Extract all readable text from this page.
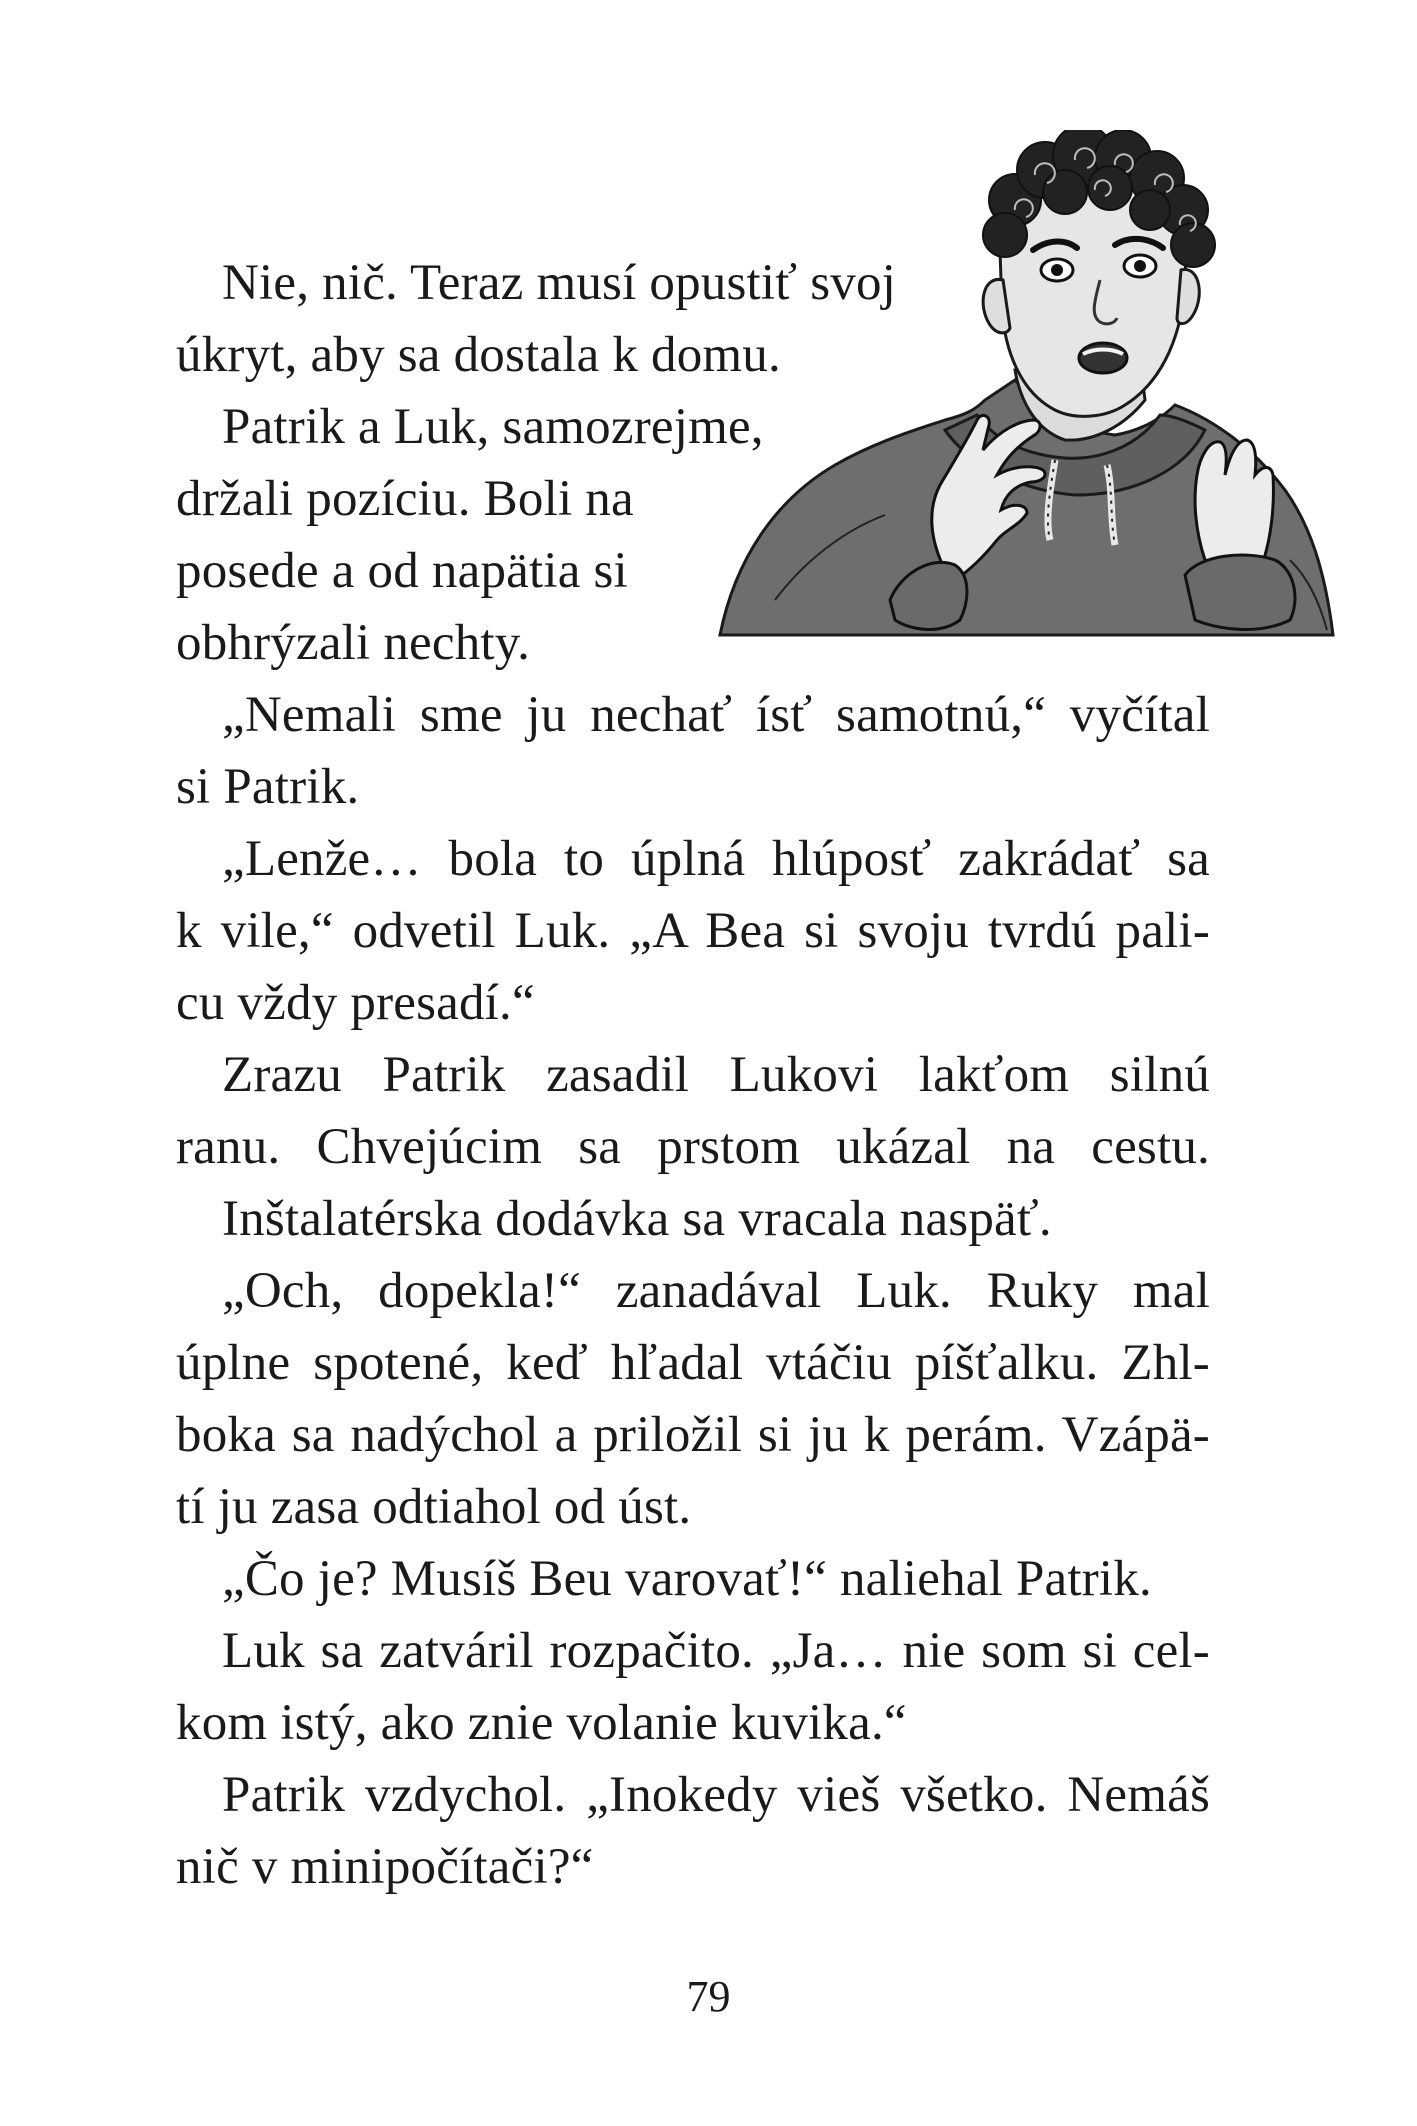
Nie, nič. Teraz musí opustiť svoj
úkryt, aby sa dostala k domu.
Patrik a Luk, samozrejme,
držali pozíciu. Boli na
posede a od napätia si
obhrýzali nechty.
„Nemali sme ju nechať ísť samotnú,“ vyčítal
si Patrik.
„Lenže… bola to úplná hlúposť zakrádať sa
k vile,“ odvetil Luk. „A Bea si svoju tvrdú pali-
cu vždy presadí.“
Zrazu Patrik zasadil Lukovi lakťom silnú
ranu. Chvejúcim sa prstom ukázal na cestu.
Inštalatérska dodávka sa vracala naspäť.
„Och, dopekla!“ zanadával Luk. Ruky mal
úplne spotené, keď hľadal vtáčiu píšťalku. Zhl-
boka sa nadýchol a priložil si ju k perám. Vzápä-
tí ju zasa odtiahol od úst.
„Čo je? Musíš Beu varovať!“ naliehal Patrik.
Luk sa zatváril rozpačito. „Ja… nie som si cel-
kom istý, ako znie volanie kuvika.“
Patrik vzdychol. „Inokedy vieš všetko. Nemáš
nič v minipočítači?“
79
